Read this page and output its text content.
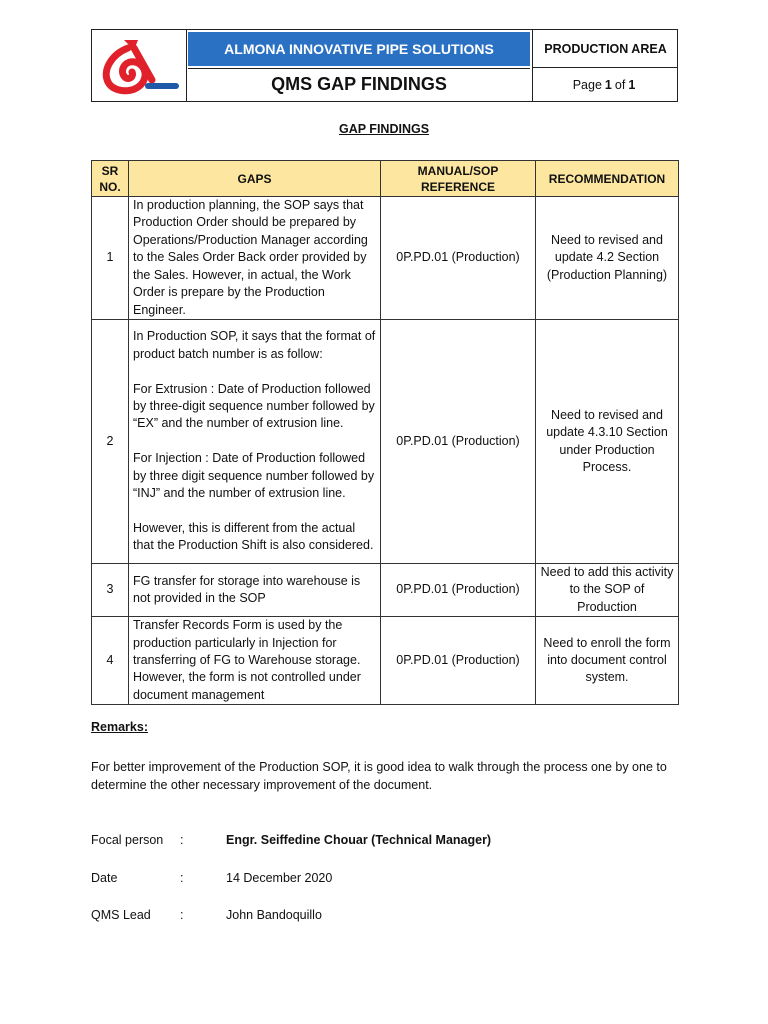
ALMONA INNOVATIVE PIPE SOLUTIONS
QMS GAP FINDINGS
PRODUCTION AREA
Page 1 of 1
GAP FINDINGS
SR NO.	GAPS	MANUAL/SOP REFERENCE	RECOMMENDATION
1	In production planning, the SOP says that Production Order should be prepared by Operations/Production Manager according to the Sales Order Back order provided by the Sales. However, in actual, the Work Order is prepare by the Production Engineer.	0P.PD.01 (Production)	Need to revised and update 4.2 Section (Production Planning)
2	In Production SOP, it says that the format of product batch number is as follow:
For Extrusion : Date of Production followed by three-digit sequence number followed by “EX” and the number of extrusion line.
For Injection : Date of Production followed by three digit sequence number followed by “INJ” and the number of extrusion line.
However, this is different from the actual that the Production Shift is also considered.	0P.PD.01 (Production)	Need to revised and update 4.3.10 Section under Production Process.
3	FG transfer for storage into warehouse is not provided in the SOP	0P.PD.01 (Production)	Need to add this activity to the SOP of Production
4	Transfer Records Form is used by the production particularly in Injection for transferring of FG to Warehouse storage. However, the form is not controlled under document management	0P.PD.01 (Production)	Need to enroll the form into document control system.
Remarks:
For better improvement of the Production SOP, it is good idea to walk through the process one by one to determine the other necessary improvement of the document.
Focal person :	Engr. Seiffedine Chouar (Technical Manager)
Date	:	14 December 2020
QMS Lead :	John Bandoquillo
